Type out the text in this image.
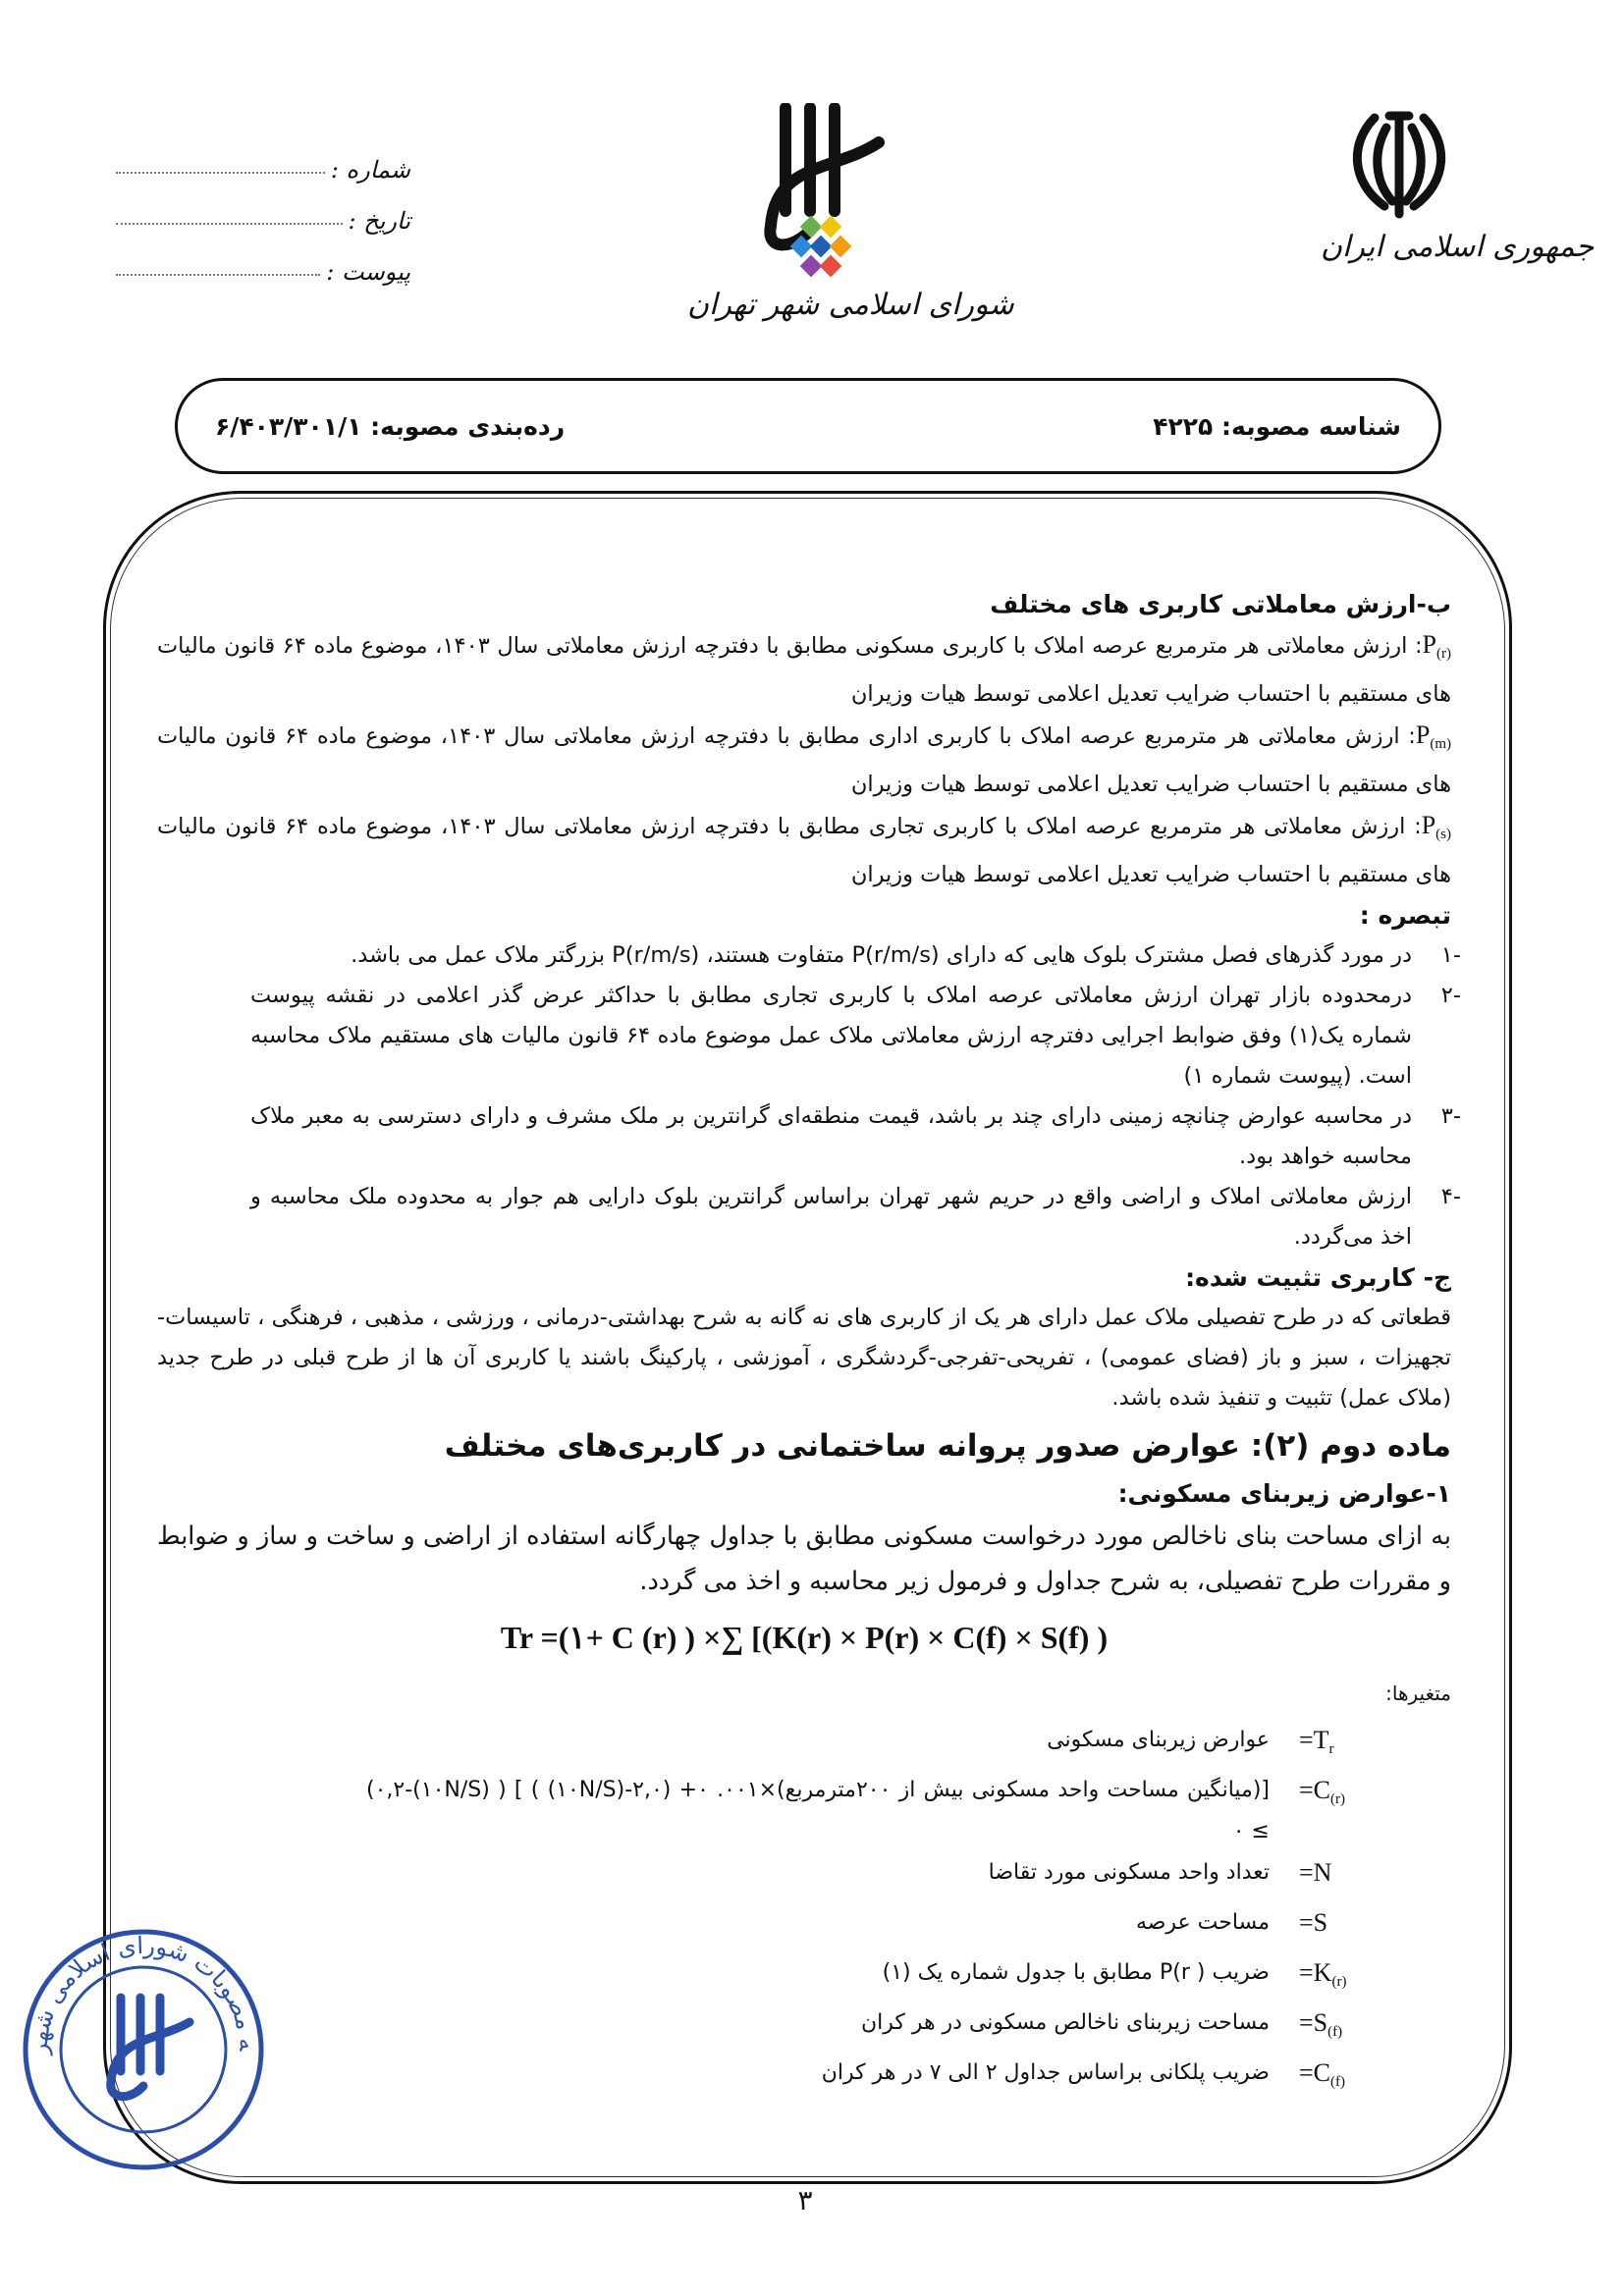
جمهوری اسلامی ایران
شورای اسلامی شهر تهران
شماره :
تاریخ :
پیوست :
شناسه مصوبه: ۴۲۲۵
رده‌بندی مصوبه: ۶/۴۰۳/۳۰۱/۱

ب-ارزش معاملاتی کاربری های مختلف

$P_{(r)}$: ارزش معاملاتی هر مترمربع عرصه املاک با کاربری مسکونی مطابق با دفترچه ارزش معاملاتی سال ۱۴۰۳، موضوع ماده ۶۴ قانون مالیات های مستقیم با احتساب ضرایب تعدیل اعلامی توسط هیات وزیران

$P_{(m)}$: ارزش معاملاتی هر مترمربع عرصه املاک با کاربری اداری مطابق با دفترچه ارزش معاملاتی سال ۱۴۰۳، موضوع ماده ۶۴ قانون مالیات های مستقیم با احتساب ضرایب تعدیل اعلامی توسط هیات وزیران

$P_{(s)}$: ارزش معاملاتی هر مترمربع عرصه املاک با کاربری تجاری مطابق با دفترچه ارزش معاملاتی سال ۱۴۰۳، موضوع ماده ۶۴ قانون مالیات های مستقیم با احتساب ضرایب تعدیل اعلامی توسط هیات وزیران

تبصره :

-۱
در مورد گذرهای فصل مشترک بلوک هایی که دارای P(r/m/s) متفاوت هستند، P(r/m/s) بزرگتر ملاک عمل می باشد.
-۲
درمحدوده بازار تهران ارزش معاملاتی عرصه املاک با کاربری تجاری مطابق با حداکثر عرض گذر اعلامی در نقشه پیوست شماره یک(۱) وفق ضوابط اجرایی دفترچه ارزش معاملاتی ملاک عمل موضوع ماده ۶۴ قانون مالیات های مستقیم ملاک محاسبه است. (پیوست شماره ۱)
-۳
در محاسبه عوارض چنانچه زمینی دارای چند بر باشد، قیمت منطقه‌ای گرانترین بر ملک مشرف و دارای دسترسی به معبر ملاک محاسبه خواهد بود.
-۴
ارزش معاملاتی املاک و اراضی واقع در حریم شهر تهران براساس گرانترین بلوک دارایی هم جوار به محدوده ملک محاسبه و اخذ می‌گردد.

ج- کاربری تثبیت شده:

قطعاتی که در طرح تفصیلی ملاک عمل دارای هر یک از کاربری های نه گانه به شرح بهداشتی-درمانی ، ورزشی ، مذهبی ، فرهنگی ، تاسیسات-تجهیزات ، سبز و باز (فضای عمومی) ، تفریحی-تفرجی-گردشگری ، آموزشی ، پارکینگ باشند یا کاربری آن ها از طرح قبلی در طرح جدید (ملاک عمل) تثبیت و تنفیذ شده باشد.

ماده دوم (۲): عوارض صدور پروانه ساختمانی در کاربری‌های مختلف

۱-عوارض زیربنای مسکونی:

به ازای مساحت بنای ناخالص مورد درخواست مسکونی مطابق با جداول چهارگانه استفاده از اراضی و ساخت و ساز و ضوابط و مقررات طرح تفصیلی، به شرح جداول و فرمول زیر محاسبه و اخذ می گردد.

Tr =(۱+ C (r) ) ×∑ [(K(r) × P(r) × C(f) × S(f) )

متغیرها:

$=T_r$
عوارض زیربنای مسکونی
$=C_{(r)}$
[(میانگین مساحت واحد مسکونی بیش از ۲۰۰مترمربع)×۰۰۱. ۰+ (۲,۰-(۱۰N/S) ) ] ( (۱۰N/S)-۰,۲) ≥ ۰
=N
تعداد واحد مسکونی مورد تقاضا
=S
مساحت عرصه
$=K_{(r)}$
ضریب ( P(r مطابق با جدول شماره یک (۱)
$=S_{(f)}$
مساحت زیربنای ناخالص مسکونی در هر کران
$=C_{(f)}$
ضریب پلکانی براساس جداول ۲ الی ۷ در هر کران
ه مصوبات شورای اسلامی شهر
۳
